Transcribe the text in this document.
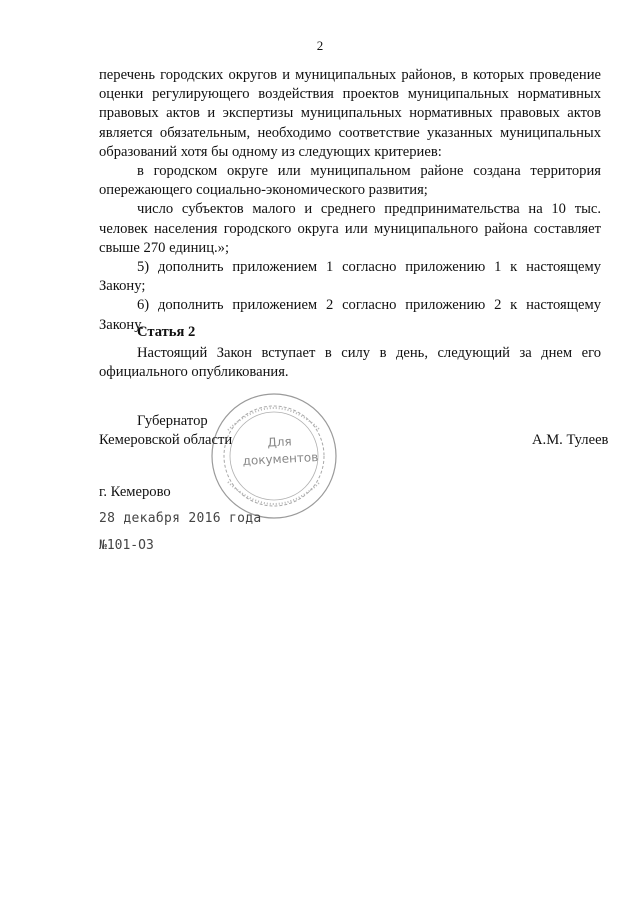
2

перечень городских округов и муниципальных районов, в которых проведение оценки регулирующего воздействия проектов муниципальных нормативных правовых актов и экспертизы муниципальных нормативных правовых актов является обязательным, необходимо соответствие указанных муниципальных образований хотя бы одному из следующих критериев:

в городском округе или муниципальном районе создана территория опережающего социально-экономического развития;

число субъектов малого и среднего предпринимательства на 10 тыс. человек населения городского округа или муниципального района составляет свыше 270 единиц.»;

5) дополнить приложением 1 согласно приложению 1 к настоящему Закону;

6) дополнить приложением 2 согласно приложению 2 к настоящему Закону.

Статья 2

Настоящий Закон вступает в силу в день, следующий за днем его официального опубликования.

Для
документов
Губернатор
Кемеровской области	А.М. Тулеев
г. Кемерово
28 декабря 2016 года
№101-ОЗ
